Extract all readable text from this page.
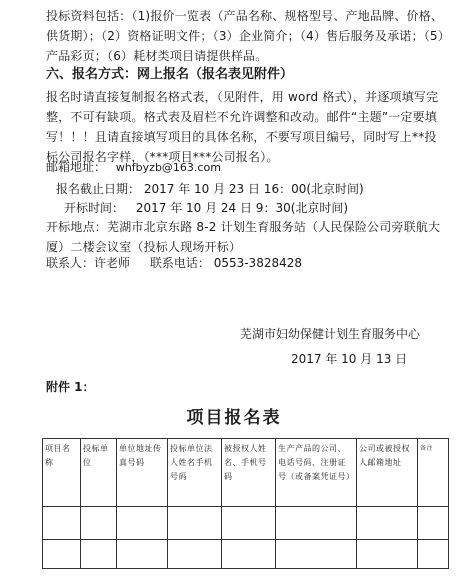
投标资料包括：（1)报价一览表（产品名称、规格型号、产地品牌、价格、供货期）；（2）资格证明文件；（3）企业简介；（4）售后服务及承诺；（5）产品彩页；（6）耗材类项目请提供样品。
六、报名方式：网上报名（报名表见附件）
报名时请直接复制报名格式表，（见附件，用 word 格式），并逐项填写完整，不可有缺项。格式表及眉栏不允许调整和改动。邮件“主题”一定要填写！！！且请直接填写项目的具体名称，不要写项目编号，同时写上**投标公司报名字样，（***项目***公司报名）。
邮箱地址： whfbyzb@163.com
报名截止日期： 2017 年 10 月 23 日 16：00(北京时间)
开标时间： 2017 年 10 月 24 日 9：30(北京时间)
开标地点：芜湖市北京东路 8-2 计划生育服务站（人民保险公司旁联航大厦）二楼会议室（投标人现场开标）
联系人：许老师 联系电话： 0553-3828428
芜湖市妇幼保健计划生育服务中心
2017 年 10 月 13 日
附件 1：
项目报名表
项目名称	投标单位	单位地址传真号码	投标单位法人姓名手机号码	被授权人姓名、手机号码	生产产品的公司、电话号码、注册证号（或备案凭证号）	公司或被授权人邮箱地址	备注
